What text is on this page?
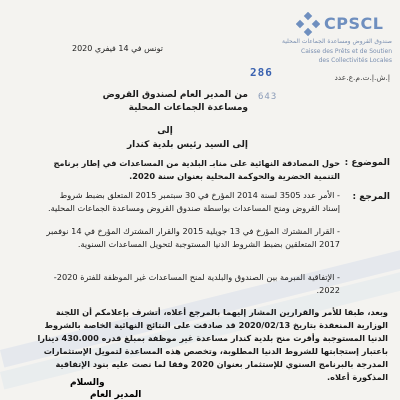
CPSCL
صندوق القروض ومساعدة الجماعات المحلية
Caisse des Prêts et de Soutien
des Collectivités Locales
تونس في 14 فيفري 2020
286	إ.ش.إ.ت.م.ع.عدد
643
من المدير العام لصندوق القروض
ومساعدة الجماعات المحلية
إلى
إلى السيد رئيس بلدية كندار
الموضوع :
حول المصادقة النهائية على منابـ البلدية من المساعدات في إطار برنامج التنمية الحضرية والحوكمة المحلية بعنوان سنة 2020.
المرجع :
- الأمر عدد 3505 لسنة 2014 المؤرخ في 30 سبتمبر 2015 المتعلق بضبط شروط إسناد القروض ومنح المساعدات بواسطة صندوق القروض ومساعدة الجماعات المحلية.
- القرار المشترك المؤرخ في 13 جويلية 2015 والقرار المشترك المؤرخ في 14 نوفمبر 2017 المتعلقين بضبط الشروط الدنيا المستوجبة لتحويل المساعدات السنوية.
- الإتفاقية المبرمة بين الصندوق والبلدية لمنح المساعدات غير الموظفة للفترة 2020-2022.
وبعد، طبقا للأمر والقرارين المشار إليهما بالمرجع أعلاه، أتشرف بإعلامكم أن اللجنة الوزارية المنعقدة بتاريخ 2020/02/13 قد صادقت على النتائج النهائية الخاصة بالشروط الدنيا المستوجبة وأقرت منح بلدية كندار مساعدة غير موظفة بمبلغ قدره 430.000 دينارا باعتبار إستجابتها للشروط الدنيا المطلوبة، وتخصص هذه المساعدة لتمويل الإستثمارات المدرجة بالبرنامج السنوي للإستثمار بعنوان 2020 وفقا لما نصت عليه بنود الإتفاقية المذكورة أعلاه.
والسلام
المدير العام
